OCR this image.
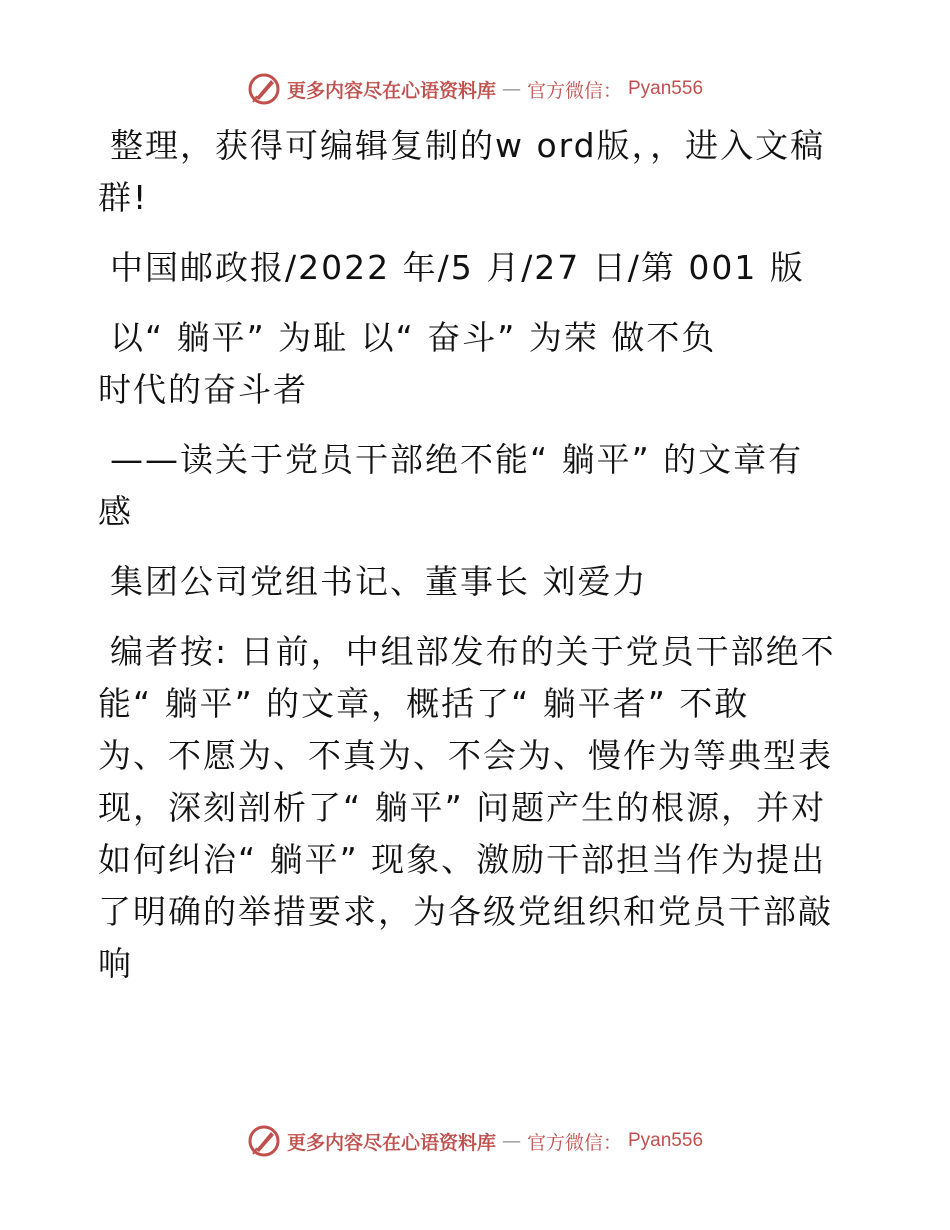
更多内容尽在心语资料库 — 官方微信： Pyan556

整理，获得可编辑复制的w ord版，，进入文稿
群!

中国邮政报/2022 年/5 月/27 日/第 001 版

以“ 躺平” 为耻 以“ 奋斗” 为荣 做不负
时代的奋斗者

——读关于党员干部绝不能“ 躺平” 的文章有
感

集团公司党组书记、董事长 刘爱力

编者按: 日前，中组部发布的关于党员干部绝不
能“ 躺平” 的文章，概括了“ 躺平者” 不敢
为、不愿为、不真为、不会为、慢作为等典型表
现，深刻剖析了“ 躺平” 问题产生的根源，并对
如何纠治“ 躺平” 现象、激励干部担当作为提出
了明确的举措要求，为各级党组织和党员干部敲响

更多内容尽在心语资料库 — 官方微信： Pyan556
